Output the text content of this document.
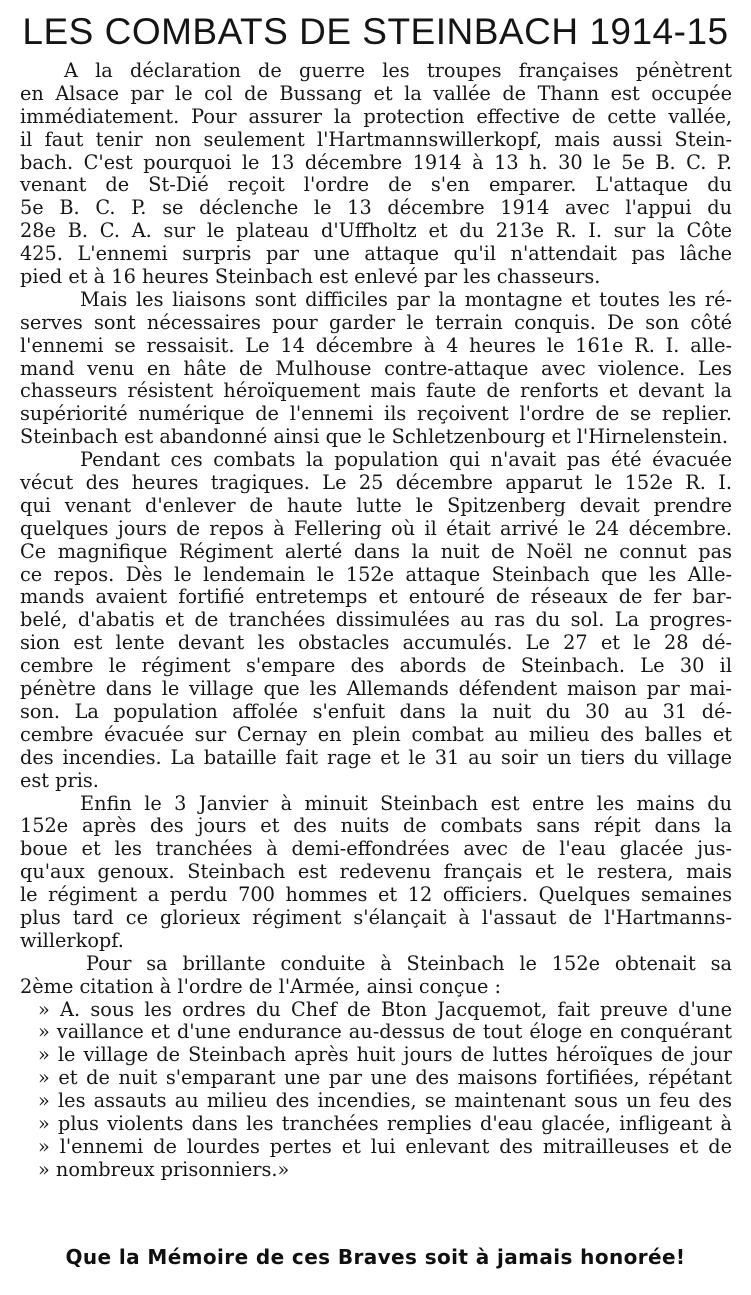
LES COMBATS DE STEINBACH 1914-15
A la déclaration de guerre les troupes françaises pénètrent
en Alsace par le col de Bussang et la vallée de Thann est occupée
immédiatement. Pour assurer la protection effective de cette vallée,
il faut tenir non seulement l'Hartmannswillerkopf, mais aussi Stein-
bach. C'est pourquoi le 13 décembre 1914 à 13 h. 30 le 5e B. C. P.
venant de St-Dié reçoit l'ordre de s'en emparer. L'attaque du
5e B. C. P. se déclenche le 13 décembre 1914 avec l'appui du
28e B. C. A. sur le plateau d'Uffholtz et du 213e R. I. sur la Côte
425. L'ennemi surpris par une attaque qu'il n'attendait pas lâche
pied et à 16 heures Steinbach est enlevé par les chasseurs.
Mais les liaisons sont difficiles par la montagne et toutes les ré-
serves sont nécessaires pour garder le terrain conquis. De son côté
l'ennemi se ressaisit. Le 14 décembre à 4 heures le 161e R. I. alle-
mand venu en hâte de Mulhouse contre-attaque avec violence. Les
chasseurs résistent héroïquement mais faute de renforts et devant la
supériorité numérique de l'ennemi ils reçoivent l'ordre de se replier.
Steinbach est abandonné ainsi que le Schletzenbourg et l'Hirnelenstein.
Pendant ces combats la population qui n'avait pas été évacuée
vécut des heures tragiques. Le 25 décembre apparut le 152e R. I.
qui venant d'enlever de haute lutte le Spitzenberg devait prendre
quelques jours de repos à Fellering où il était arrivé le 24 décembre.
Ce magnifique Régiment alerté dans la nuit de Noël ne connut pas
ce repos. Dès le lendemain le 152e attaque Steinbach que les Alle-
mands avaient fortifié entretemps et entouré de réseaux de fer bar-
belé, d'abatis et de tranchées dissimulées au ras du sol. La progres-
sion est lente devant les obstacles accumulés. Le 27 et le 28 dé-
cembre le régiment s'empare des abords de Steinbach. Le 30 il
pénètre dans le village que les Allemands défendent maison par mai-
son. La population affolée s'enfuit dans la nuit du 30 au 31 dé-
cembre évacuée sur Cernay en plein combat au milieu des balles et
des incendies. La bataille fait rage et le 31 au soir un tiers du village
est pris.
Enfin le 3 Janvier à minuit Steinbach est entre les mains du
152e après des jours et des nuits de combats sans répit dans la
boue et les tranchées à demi-effondrées avec de l'eau glacée jus-
qu'aux genoux. Steinbach est redevenu français et le restera, mais
le régiment a perdu 700 hommes et 12 officiers. Quelques semaines
plus tard ce glorieux régiment s'élançait à l'assaut de l'Hartmanns-
willerkopf.
Pour sa brillante conduite à Steinbach le 152e obtenait sa
2ème citation à l'ordre de l'Armée, ainsi conçue :
» A. sous les ordres du Chef de Bton Jacquemot, fait preuve d'une
» vaillance et d'une endurance au-dessus de tout éloge en conquérant
» le village de Steinbach après huit jours de luttes héroïques de jour
» et de nuit s'emparant une par une des maisons fortifiées, répétant
» les assauts au milieu des incendies, se maintenant sous un feu des
» plus violents dans les tranchées remplies d'eau glacée, infligeant à
» l'ennemi de lourdes pertes et lui enlevant des mitrailleuses et de
» nombreux prisonniers.»
Que la Mémoire de ces Braves soit à jamais honorée!
